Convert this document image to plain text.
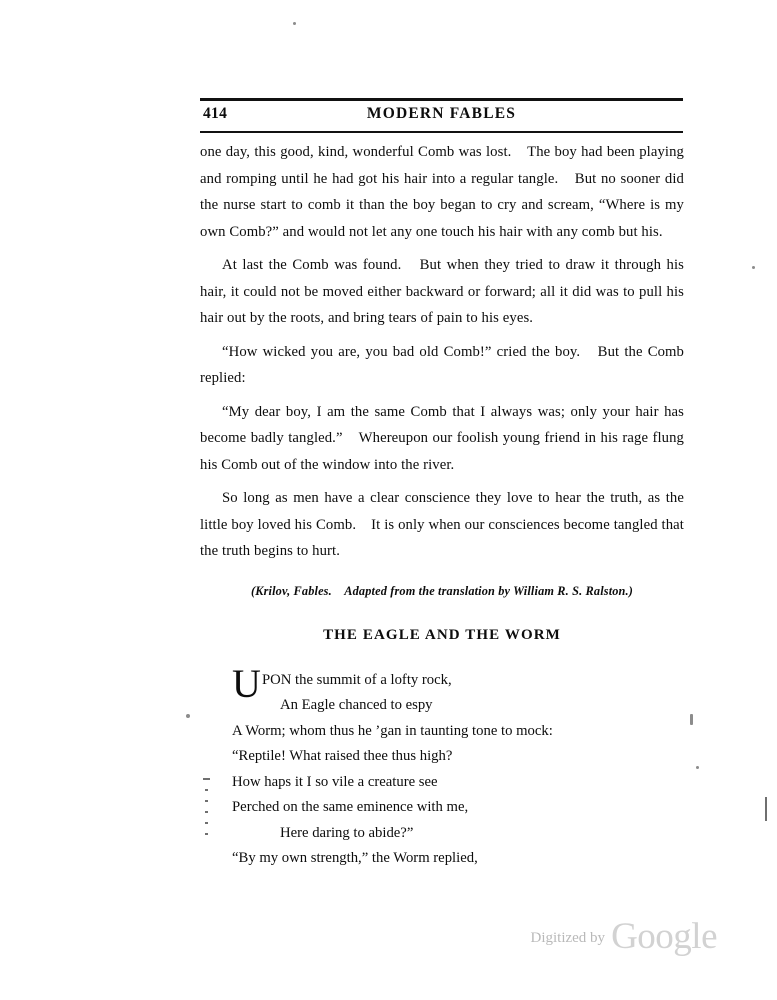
MODERN FABLES
414

one day, this good, kind, wonderful Comb was lost.　The boy had been playing and romping until he had got his hair into a regular tangle.　But no sooner did the nurse start to comb it than the boy began to cry and scream, “Where is my own Comb?” and would not let any one touch his hair with any comb but his.

At last the Comb was found.　But when they tried to draw it through his hair, it could not be moved either backward or forward; all it did was to pull his hair out by the roots, and bring tears of pain to his eyes.

“How wicked you are, you bad old Comb!” cried the boy.　But the Comb replied:

“My dear boy, I am the same Comb that I always was; only your hair has become badly tangled.”　Whereupon our foolish young friend in his rage flung his Comb out of the window into the river.

So long as men have a clear conscience they love to hear the truth, as the little boy loved his Comb.　It is only when our consciences become tangled that the truth begins to hurt.

(Krilov, Fables.　Adapted from the translation by William R. S. Ralston.)

THE EAGLE AND THE WORM
U PON the summit of a lofty rock,
An Eagle chanced to espy
A Worm; whom thus he ’gan in taunting tone to mock:
“Reptile! What raised thee thus high?
How haps it I so vile a creature see
Perched on the same eminence with me,
Here daring to abide?”
“By my own strength,” the Worm replied,
Digitized by Google
